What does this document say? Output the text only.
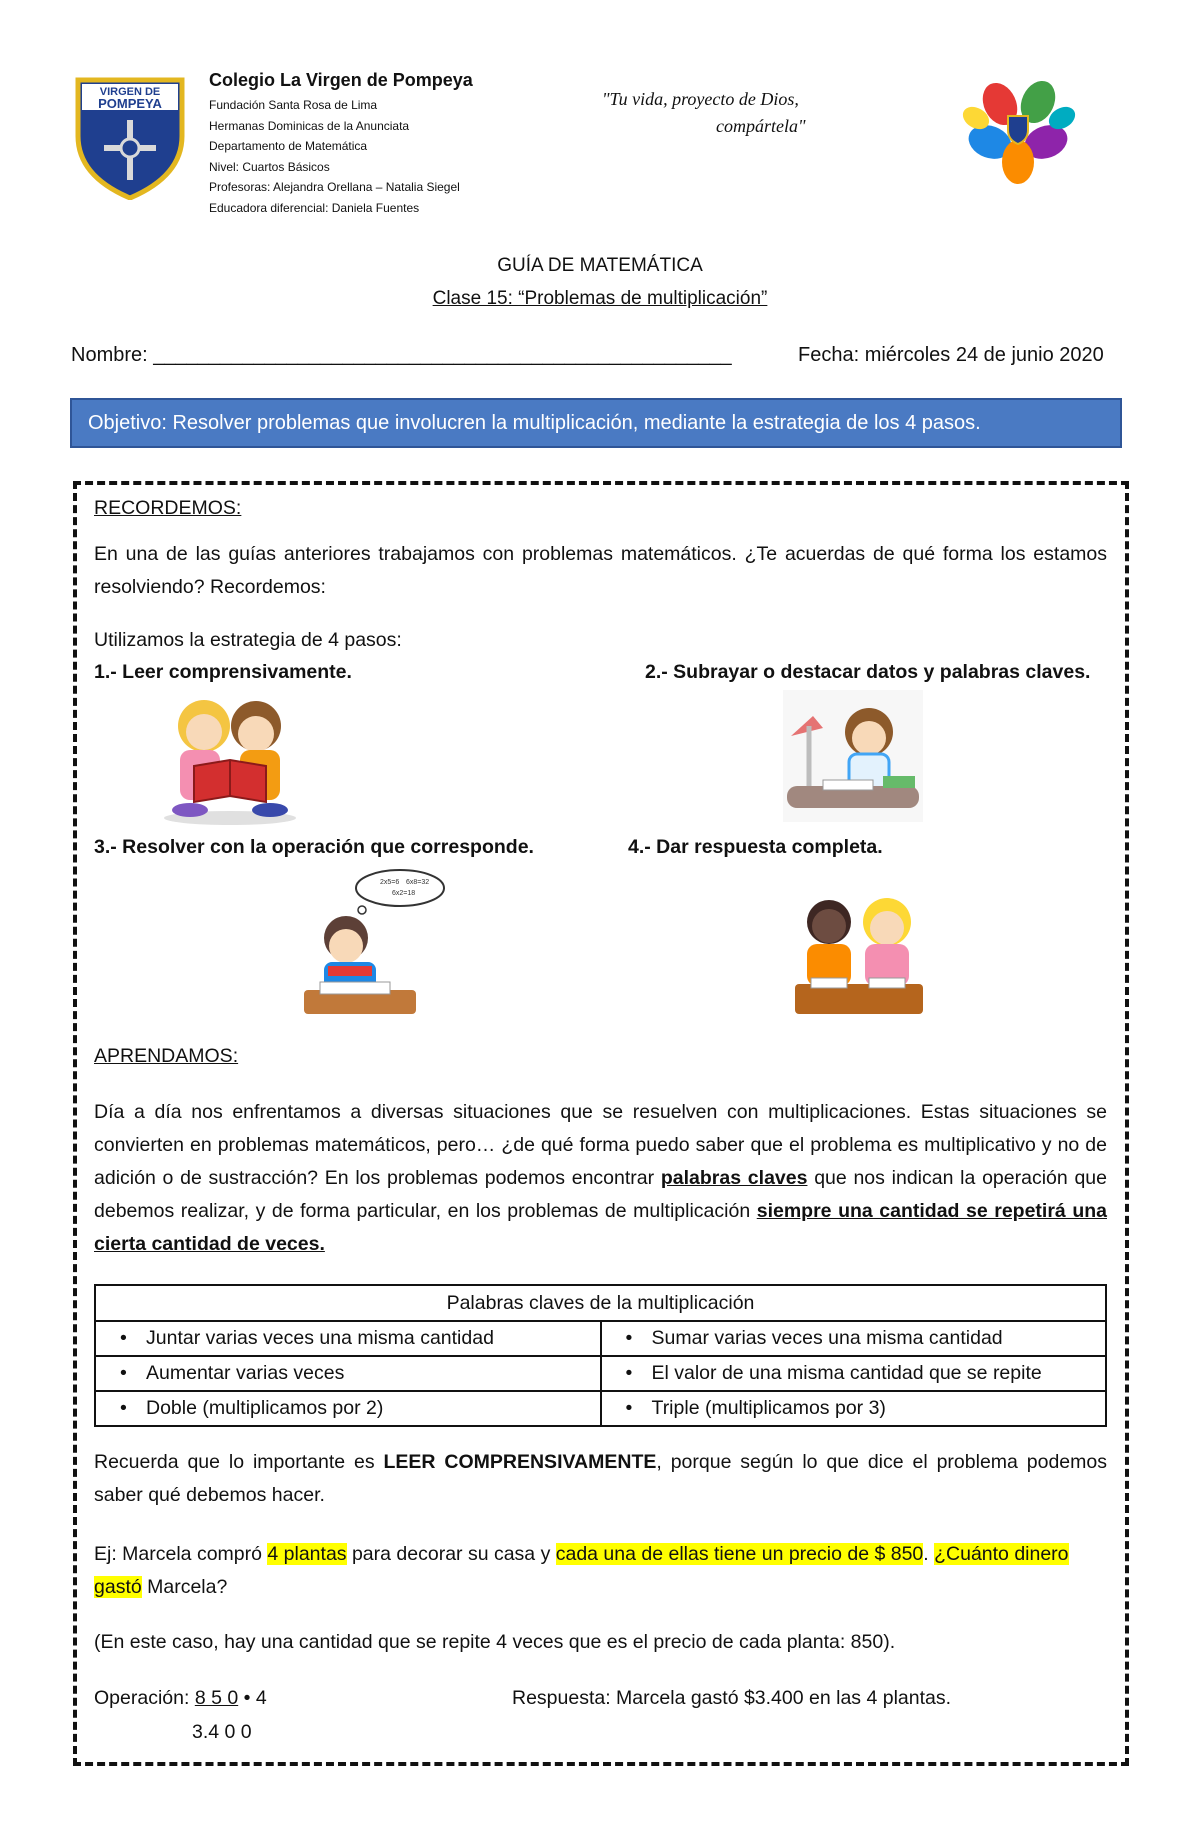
VIRGEN DE
POMPEYA
Colegio La Virgen de Pompeya
Fundación Santa Rosa de Lima
Hermanas Dominicas de la Anunciata
Departamento de Matemática
Nivel: Cuartos Básicos
Profesoras: Alejandra Orellana – Natalia Siegel
Educadora diferencial: Daniela Fuentes
"Tu vida, proyecto de Dios,
compártela"
GUÍA DE MATEMÁTICA
Clase 15: “Problemas de multiplicación”
Nombre: ____________________________________________________	Fecha: miércoles 24 de junio 2020
Objetivo: Resolver problemas que involucren la multiplicación, mediante la estrategia de los 4 pasos.
RECORDEMOS:
En una de las guías anteriores trabajamos con problemas matemáticos. ¿Te acuerdas de qué forma los estamos resolviendo? Recordemos:
Utilizamos la estrategia de 4 pasos:
1.- Leer comprensivamente.	2.- Subrayar o destacar datos y palabras claves.
3.- Resolver con la operación que corresponde.	4.- Dar respuesta completa.
2x5=6 6x8=32
6x2=18
APRENDAMOS:
Día a día nos enfrentamos a diversas situaciones que se resuelven con multiplicaciones. Estas situaciones se convierten en problemas matemáticos, pero… ¿de qué forma puedo saber que el problema es multiplicativo y no de adición o de sustracción? En los problemas podemos encontrar palabras claves que nos indican la operación que debemos realizar, y de forma particular, en los problemas de multiplicación siempre una cantidad se repetirá una cierta cantidad de veces.
Palabras claves de la multiplicación	
• Juntar varias veces una misma cantidad	• Sumar varias veces una misma cantidad
• Aumentar varias veces	• El valor de una misma cantidad que se repite
• Doble (multiplicamos por 2)	• Triple (multiplicamos por 3)
Recuerda que lo importante es LEER COMPRENSIVAMENTE, porque según lo que dice el problema podemos saber qué debemos hacer.
Ej: Marcela compró 4 plantas para decorar su casa y cada una de ellas tiene un precio de $ 850. ¿Cuánto dinero gastó Marcela?
(En este caso, hay una cantidad que se repite 4 veces que es el precio de cada planta: 850).
Operación: 8 5 0 • 4
3.4 0 0
Respuesta: Marcela gastó $3.400 en las 4 plantas.
